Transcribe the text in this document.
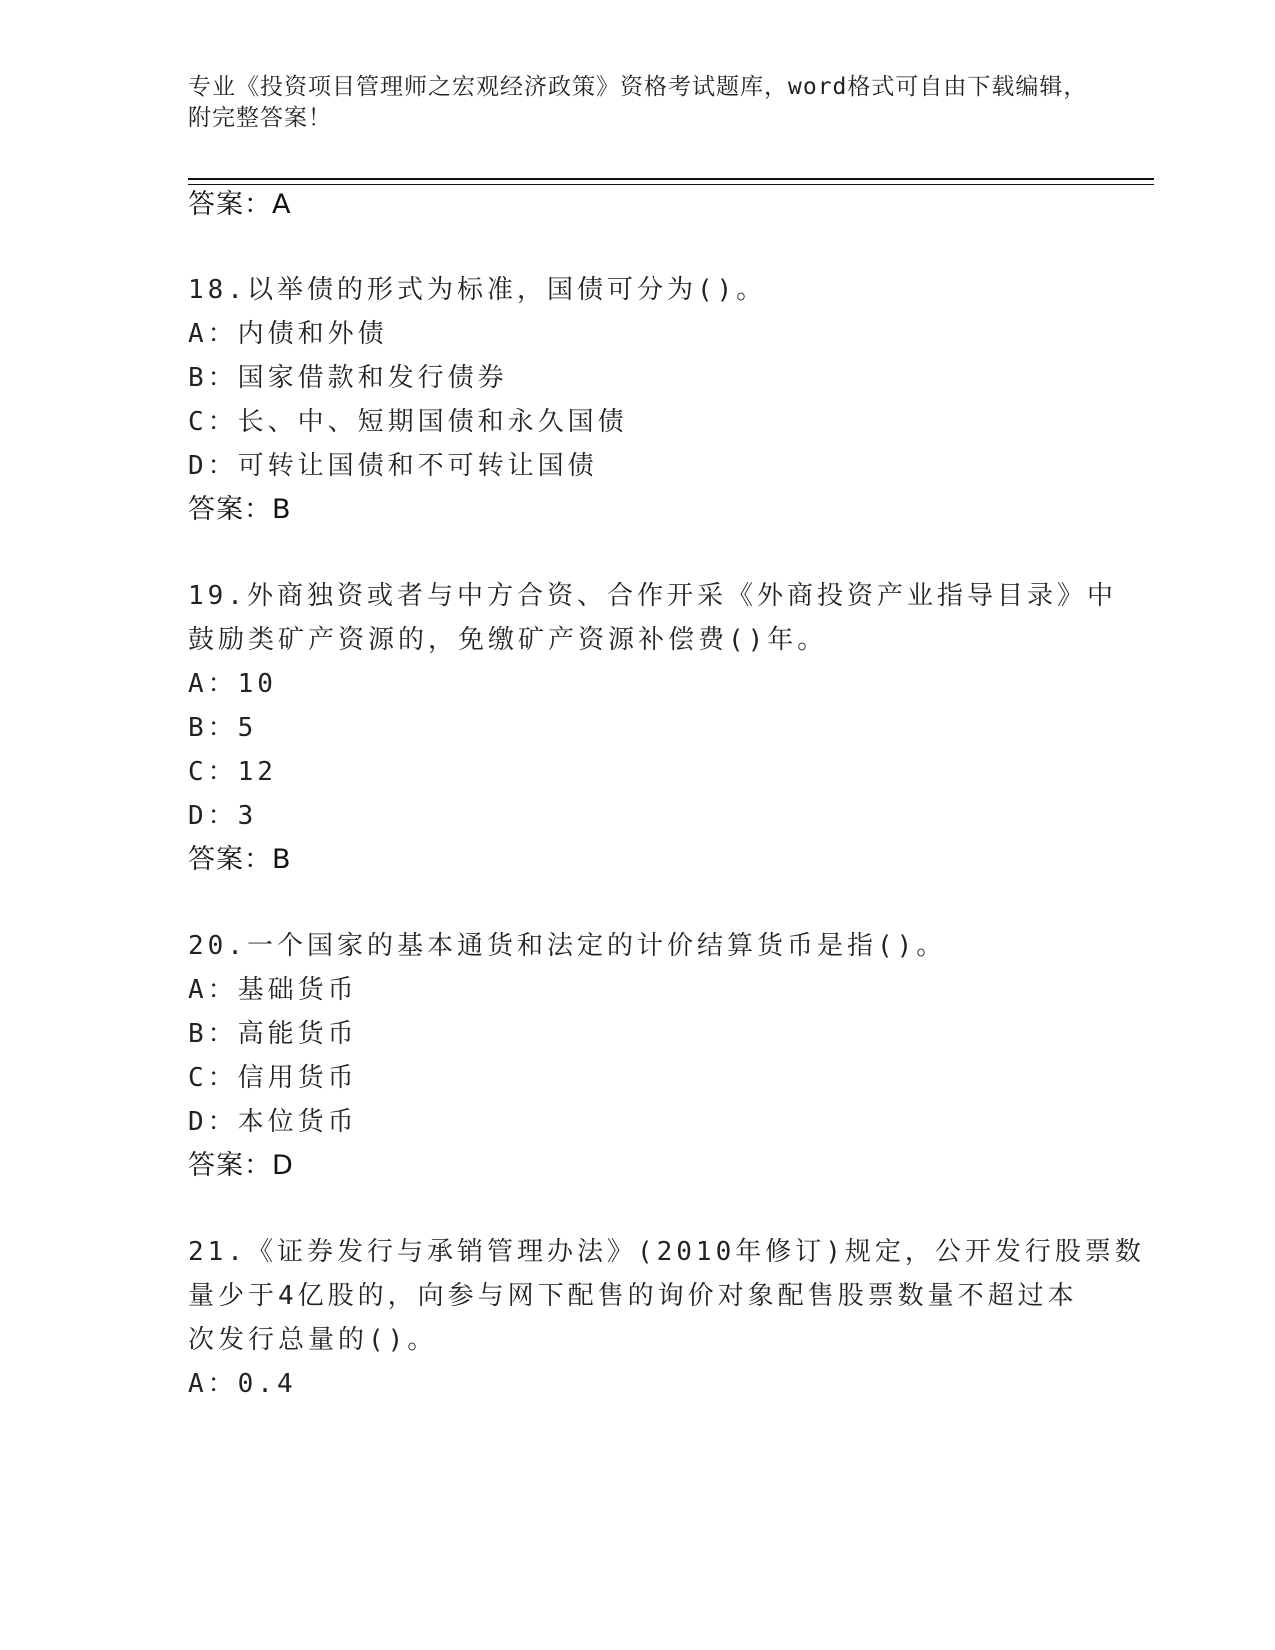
专业《投资项目管理师之宏观经济政策》资格考试题库，word格式可自由下载编辑，附完整答案！
答案：A
18.以举债的形式为标准，国债可分为()。
A：内债和外债
B：国家借款和发行债券
C：长、中、短期国债和永久国债
D：可转让国债和不可转让国债
答案：B
19.外商独资或者与中方合资、合作开采《外商投资产业指导目录》中
鼓励类矿产资源的，免缴矿产资源补偿费()年。
A：10
B：5
C：12
D：3
答案：B
20.一个国家的基本通货和法定的计价结算货币是指()。
A：基础货币
B：高能货币
C：信用货币
D：本位货币
答案：D
21.《证券发行与承销管理办法》(2010年修订)规定，公开发行股票数
量少于4亿股的，向参与网下配售的询价对象配售股票数量不超过本
次发行总量的()。
A：0.4
